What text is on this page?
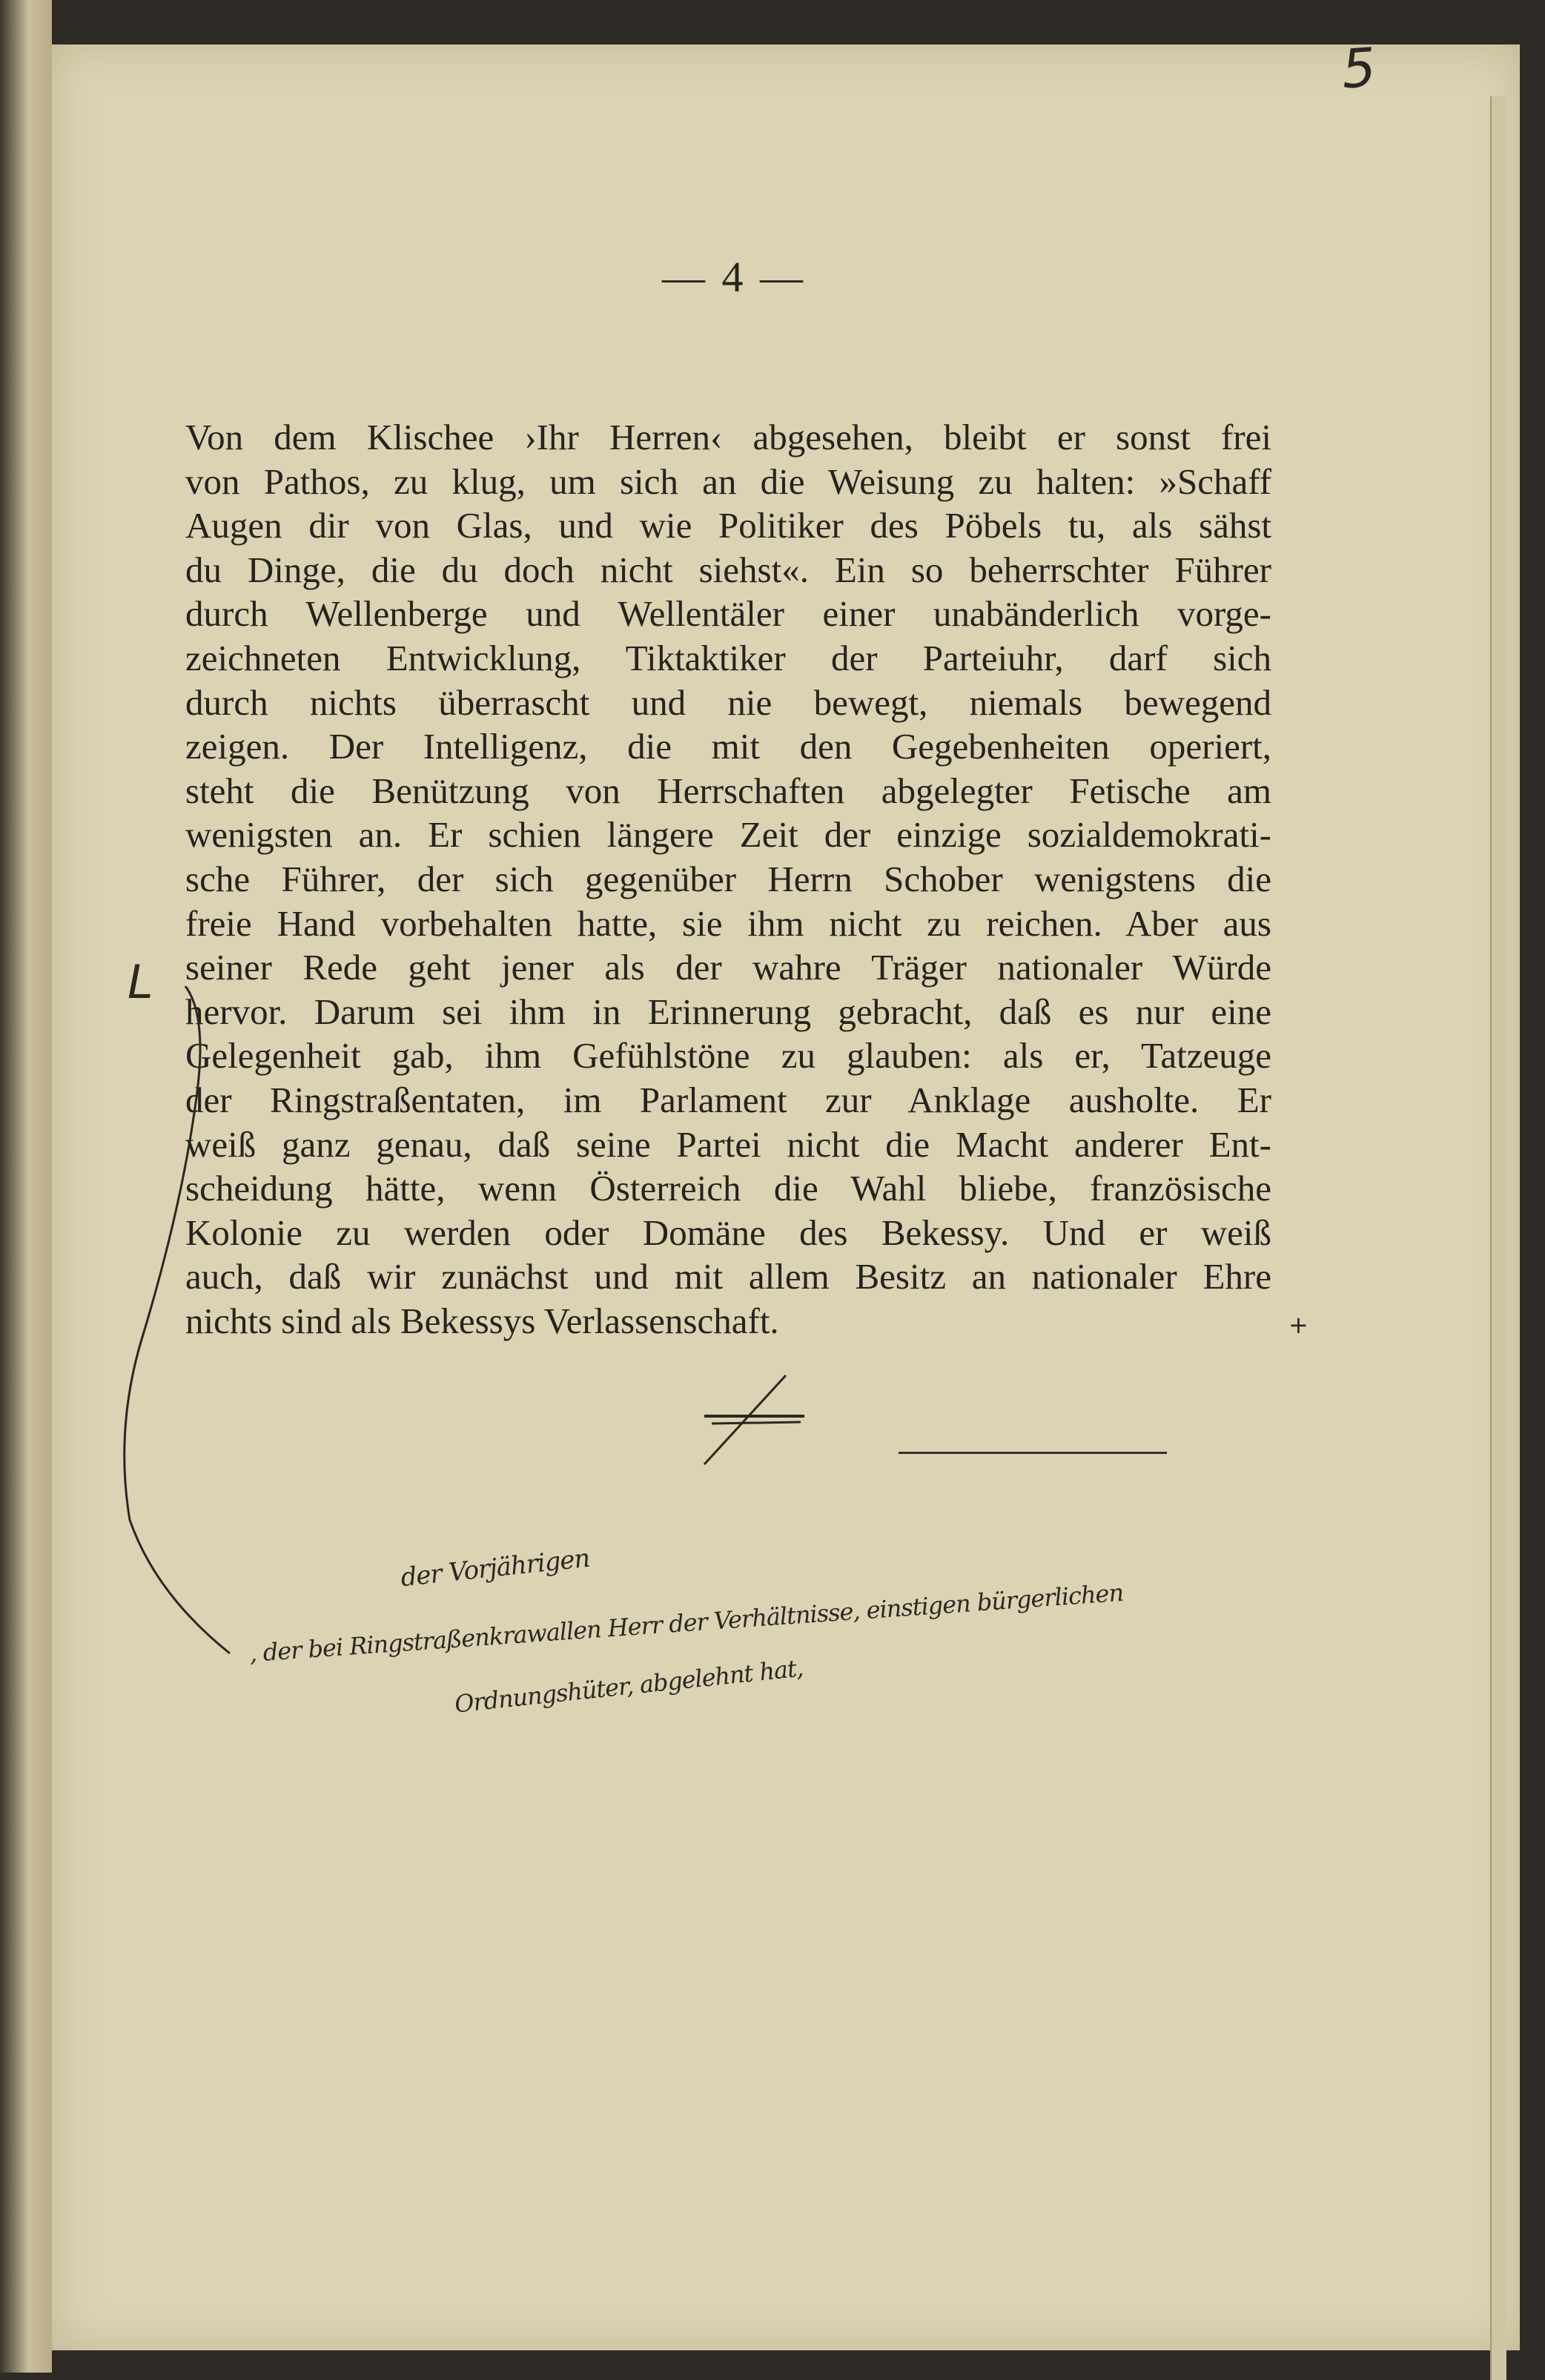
5
— 4 —
Von dem Klischee ›Ihr Herren‹ abgesehen, bleibt er sonst frei
von Pathos, zu klug, um sich an die Weisung zu halten: »Schaff
Augen dir von Glas, und wie Politiker des Pöbels tu, als sähst
du Dinge, die du doch nicht siehst«. Ein so beherrschter Führer
durch Wellenberge und Wellentäler einer unabänderlich vorge-
zeichneten Entwicklung, Tiktaktiker der Parteiuhr, darf sich
durch nichts überrascht und nie bewegt, niemals bewegend
zeigen. Der Intelligenz, die mit den Gegebenheiten operiert,
steht die Benützung von Herrschaften abgelegter Fetische am
wenigsten an. Er schien längere Zeit der einzige sozialdemokrati-
sche Führer, der sich gegenüber Herrn Schober wenigstens die
freie Hand vorbehalten hatte, sie ihm nicht zu reichen. Aber aus
seiner Rede geht jener als der wahre Träger nationaler Würde
hervor. Darum sei ihm in Erinnerung gebracht, daß es nur eine
Gelegenheit gab, ihm Gefühlstöne zu glauben: als er, Tatzeuge
der Ringstraßentaten, im Parlament zur Anklage ausholte. Er
weiß ganz genau, daß seine Partei nicht die Macht anderer Ent-
scheidung hätte, wenn Österreich die Wahl bliebe, französische
Kolonie zu werden oder Domäne des Bekessy. Und er weiß
auch, daß wir zunächst und mit allem Besitz an nationaler Ehre
nichts sind als Bekessys Verlassenschaft.
L
+
der Vorjährigen
, der bei Ringstraßenkrawallen Herr der Verhältnisse, einstigen bürgerlichen
Ordnungshüter, abgelehnt hat,
